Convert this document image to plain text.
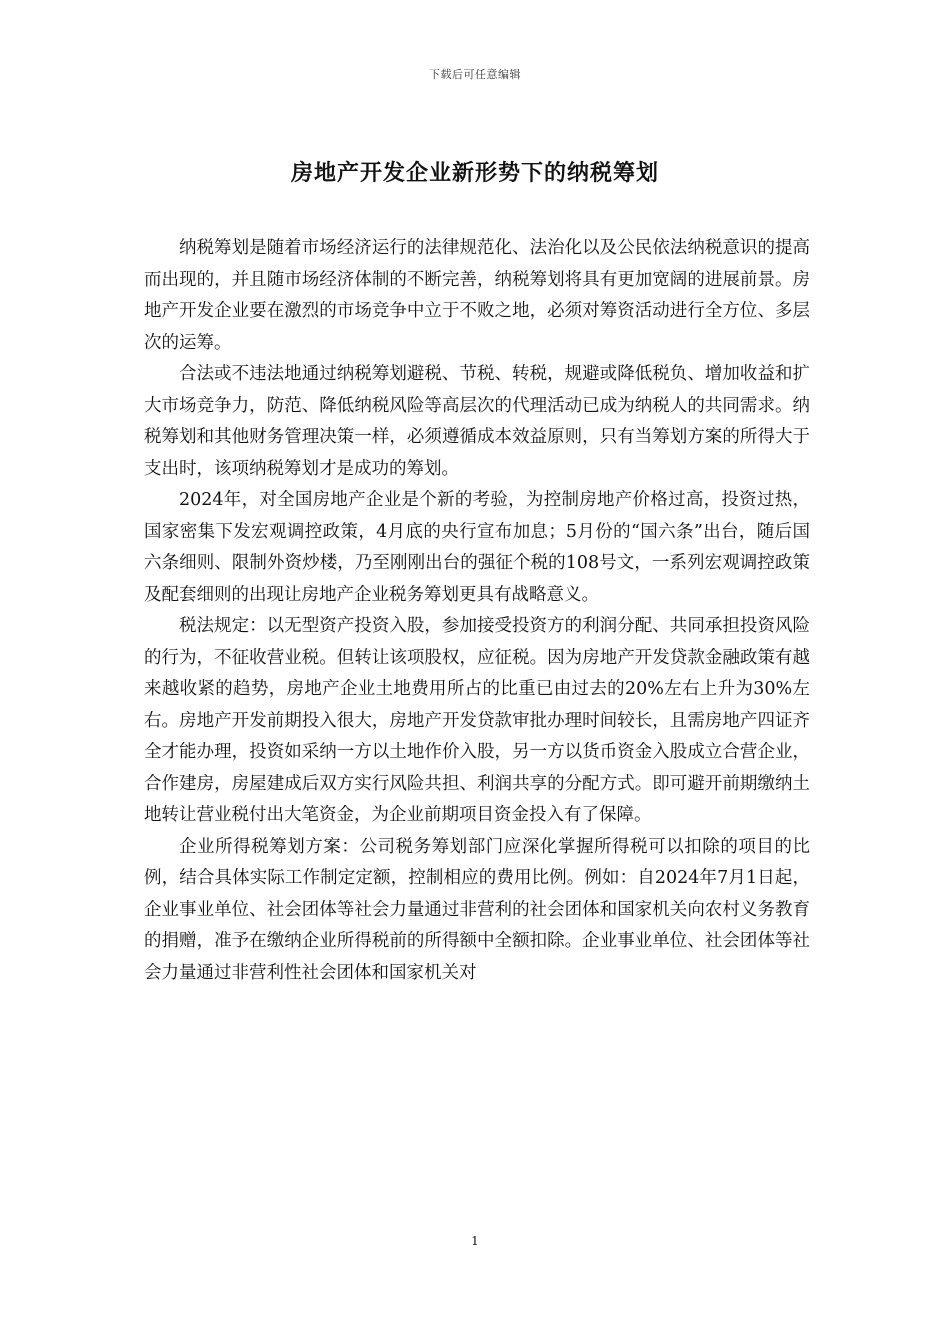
下载后可任意编辑
房地产开发企业新形势下的纳税筹划

纳税筹划是随着市场经济运行的法律规范化、法治化以及公民依法纳税意识的提高而出现的，并且随市场经济体制的不断完善，纳税筹划将具有更加宽阔的进展前景。房地产开发企业要在激烈的市场竞争中立于不败之地，必须对筹资活动进行全方位、多层次的运筹。

合法或不违法地通过纳税筹划避税、节税、转税，规避或降低税负、增加收益和扩大市场竞争力，防范、降低纳税风险等高层次的代理活动已成为纳税人的共同需求。纳税筹划和其他财务管理决策一样，必须遵循成本效益原则，只有当筹划方案的所得大于支出时，该项纳税筹划才是成功的筹划。

2024年，对全国房地产企业是个新的考验，为控制房地产价格过高，投资过热，国家密集下发宏观调控政策，4月底的央行宣布加息；5月份的“国六条”出台，随后国六条细则、限制外资炒楼，乃至刚刚出台的强征个税的108号文，一系列宏观调控政策及配套细则的出现让房地产企业税务筹划更具有战略意义。

税法规定：以无型资产投资入股，参加接受投资方的利润分配、共同承担投资风险的行为，不征收营业税。但转让该项股权，应征税。因为房地产开发贷款金融政策有越来越收紧的趋势，房地产企业土地费用所占的比重已由过去的20%左右上升为30%左右。房地产开发前期投入很大，房地产开发贷款审批办理时间较长，且需房地产四证齐全才能办理，投资如采纳一方以土地作价入股，另一方以货币资金入股成立合营企业，合作建房，房屋建成后双方实行风险共担、利润共享的分配方式。即可避开前期缴纳土地转让营业税付出大笔资金，为企业前期项目资金投入有了保障。

企业所得税筹划方案：公司税务筹划部门应深化掌握所得税可以扣除的项目的比例，结合具体实际工作制定定额，控制相应的费用比例。例如：自2024年7月1日起，企业事业单位、社会团体等社会力量通过非营利的社会团体和国家机关向农村义务教育的捐赠，准予在缴纳企业所得税前的所得额中全额扣除。企业事业单位、社会团体等社会力量通过非营利性社会团体和国家机关对

1
